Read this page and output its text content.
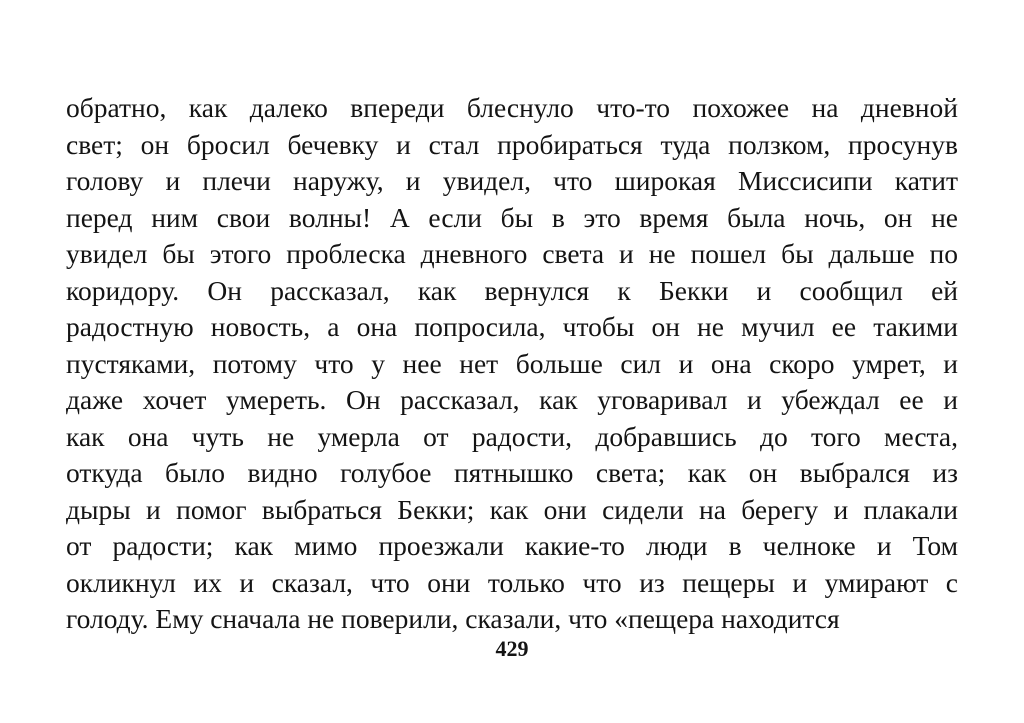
обратно, как далеко впереди блеснуло что-то похожее на дневной
свет; он бросил бечевку и стал пробираться туда ползком, просунув
голову и плечи наружу, и увидел, что широкая Миссисипи катит
перед ним свои волны! А если бы в это время была ночь, он не
увидел бы этого проблеска дневного света и не пошел бы дальше по
коридору. Он рассказал, как вернулся к Бекки и сообщил ей
радостную новость, а она попросила, чтобы он не мучил ее такими
пустяками, потому что у нее нет больше сил и она скоро умрет, и
даже хочет умереть. Он рассказал, как уговаривал и убеждал ее и
как она чуть не умерла от радости, добравшись до того места,
откуда было видно голубое пятнышко света; как он выбрался из
дыры и помог выбраться Бекки; как они сидели на берегу и плакали
от радости; как мимо проезжали какие-то люди в челноке и Том
окликнул их и сказал, что они только что из пещеры и умирают с
голоду. Ему сначала не поверили, сказали, что «пещера находится
429
